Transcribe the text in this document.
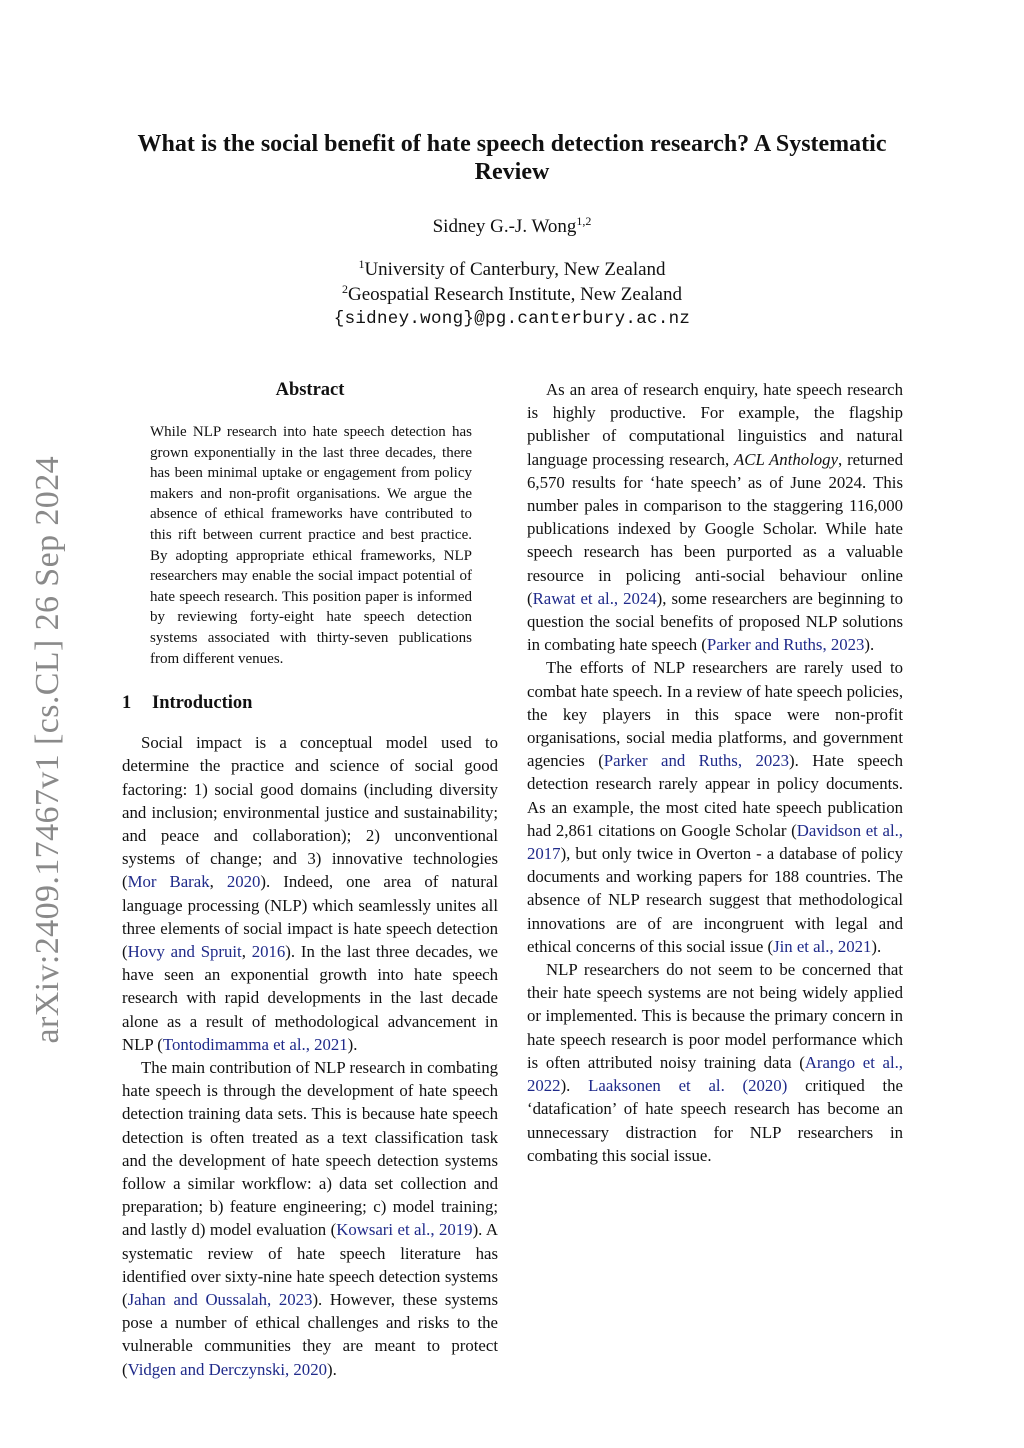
arXiv:2409.17467v1 [cs.CL] 26 Sep 2024
What is the social benefit of hate speech detection research? A Systematic Review
Sidney G.-J. Wong$^{1,2}$
$^1$University of Canterbury, New Zealand
$^2$Geospatial Research Institute, New Zealand
{sidney.wong}@pg.canterbury.ac.nz
Abstract
While NLP research into hate speech detection has grown exponentially in the last three decades, there has been minimal uptake or engagement from policy makers and non-profit organisations. We argue the absence of ethical frameworks have contributed to this rift between current practice and best practice. By adopting appropriate ethical frameworks, NLP researchers may enable the social impact potential of hate speech research. This position paper is informed by reviewing forty-eight hate speech detection systems associated with thirty-seven publications from different venues.
1 Introduction

Social impact is a conceptual model used to determine the practice and science of social good factoring: 1) social good domains (including diversity and inclusion; environmental justice and sustainability; and peace and collaboration); 2) unconventional systems of change; and 3) innovative technologies (Mor Barak, 2020). Indeed, one area of natural language processing (NLP) which seamlessly unites all three elements of social impact is hate speech detection (Hovy and Spruit, 2016). In the last three decades, we have seen an exponential growth into hate speech research with rapid developments in the last decade alone as a result of methodological advancement in NLP (Tontodimamma et al., 2021).

The main contribution of NLP research in combating hate speech is through the development of hate speech detection training data sets. This is because hate speech detection is often treated as a text classification task and the development of hate speech detection systems follow a similar workflow: a) data set collection and preparation; b) feature engineering; c) model training; and lastly d) model evaluation (Kowsari et al., 2019). A systematic review of hate speech literature has identified over sixty-nine hate speech detection systems (Jahan and Oussalah, 2023). However, these systems pose a number of ethical challenges and risks to the vulnerable communities they are meant to protect (Vidgen and Derczynski, 2020).

As an area of research enquiry, hate speech research is highly productive. For example, the flagship publisher of computational linguistics and natural language processing research, ACL Anthology, returned 6,570 results for ‘hate speech’ as of June 2024. This number pales in comparison to the staggering 116,000 publications indexed by Google Scholar. While hate speech research has been purported as a valuable resource in policing anti-social behaviour online (Rawat et al., 2024), some researchers are beginning to question the social benefits of proposed NLP solutions in combating hate speech (Parker and Ruths, 2023).

The efforts of NLP researchers are rarely used to combat hate speech. In a review of hate speech policies, the key players in this space were non-profit organisations, social media platforms, and government agencies (Parker and Ruths, 2023). Hate speech detection research rarely appear in policy documents. As an example, the most cited hate speech publication had 2,861 citations on Google Scholar (Davidson et al., 2017), but only twice in Overton - a database of policy documents and working papers for 188 countries. The absence of NLP research suggest that methodological innovations are of are incongruent with legal and ethical concerns of this social issue (Jin et al., 2021).

NLP researchers do not seem to be concerned that their hate speech systems are not being widely applied or implemented. This is because the primary concern in hate speech research is poor model performance which is often attributed noisy training data (Arango et al., 2022). Laaksonen et al. (2020) critiqued the ‘datafication’ of hate speech research has become an unnecessary distraction for NLP researchers in combating this social issue.
